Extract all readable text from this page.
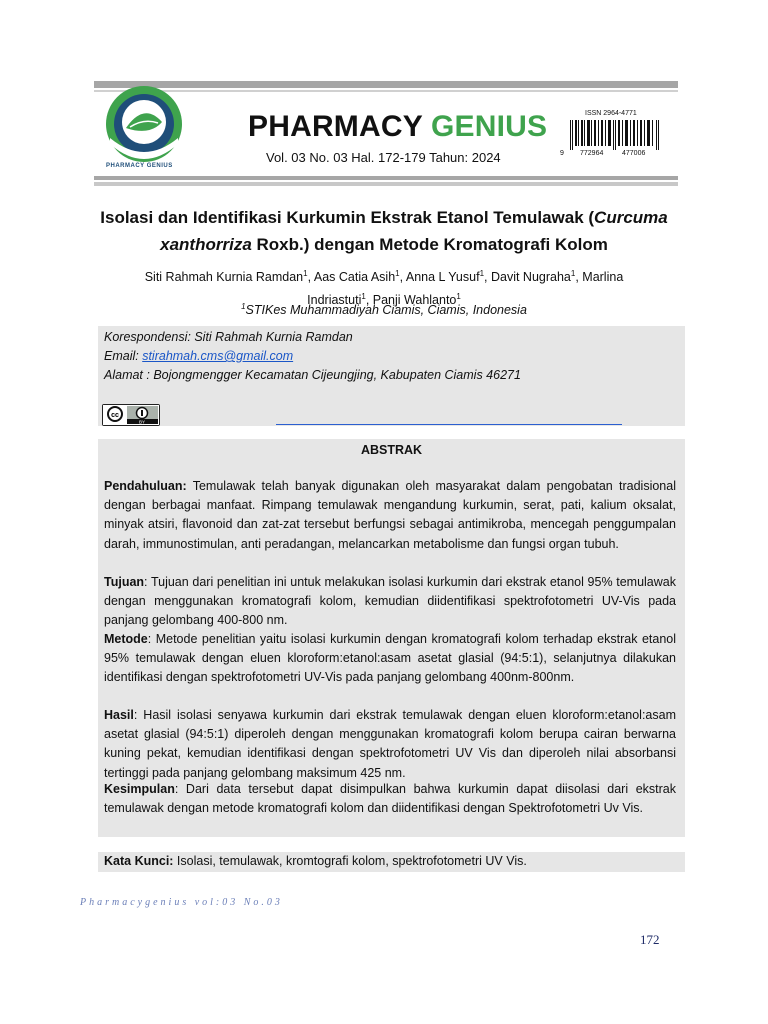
PHARMACY GENIUS
PHARMACY GENIUS
Vol. 03 No. 03 Hal. 172-179 Tahun: 2024
ISSN 2964-4771
9 772964	477006
Isolasi dan Identifikasi Kurkumin Ekstrak Etanol Temulawak (Curcuma xanthorriza Roxb.) dengan Metode Kromatografi Kolom
Siti Rahmah Kurnia Ramdan$^1$, Aas Catia Asih$^1$, Anna L Yusuf$^1$, Davit Nugraha$^1$, Marlina
Indriastuti$^1$, Panji Wahlanto$^1$
$^1$STIKes Muhammadiyah Ciamis, Ciamis, Indonesia
Korespondensi: Siti Rahmah Kurnia Ramdan
Email: stirahmah.cms@gmail.com
Alamat : Bojongmengger Kecamatan Cijeungjing, Kabupaten Ciamis 46271
cc
BY
ABSTRAK
Pendahuluan: Temulawak telah banyak digunakan oleh masyarakat dalam pengobatan tradisional dengan berbagai manfaat. Rimpang temulawak mengandung kurkumin, serat, pati, kalium oksalat, minyak atsiri, flavonoid dan zat-zat tersebut berfungsi sebagai antimikroba, mencegah penggumpalan darah, immunostimulan, anti peradangan, melancarkan metabolisme dan fungsi organ tubuh.
Tujuan: Tujuan dari penelitian ini untuk melakukan isolasi kurkumin dari ekstrak etanol 95% temulawak dengan menggunakan kromatografi kolom, kemudian diidentifikasi spektrofotometri UV-Vis pada panjang gelombang 400-800 nm.
Metode: Metode penelitian yaitu isolasi kurkumin dengan kromatografi kolom terhadap ekstrak etanol 95% temulawak dengan eluen kloroform:etanol:asam asetat glasial (94:5:1), selanjutnya dilakukan identifikasi dengan spektrofotometri UV-Vis pada panjang gelombang 400nm-800nm.
Hasil: Hasil isolasi senyawa kurkumin dari ekstrak temulawak dengan eluen kloroform:etanol:asam asetat glasial (94:5:1) diperoleh dengan menggunakan kromatografi kolom berupa cairan berwarna kuning pekat, kemudian identifikasi dengan spektrofotometri UV Vis dan diperoleh nilai absorbansi tertinggi pada panjang gelombang maksimum 425 nm.
Kesimpulan: Dari data tersebut dapat disimpulkan bahwa kurkumin dapat diisolasi dari ekstrak temulawak dengan metode kromatografi kolom dan diidentifikasi dengan Spektrofotometri Uv Vis.
Kata Kunci: Isolasi, temulawak, kromtografi kolom, spektrofotometri UV Vis.
Pharmacygenius vol:03 No.03
172
